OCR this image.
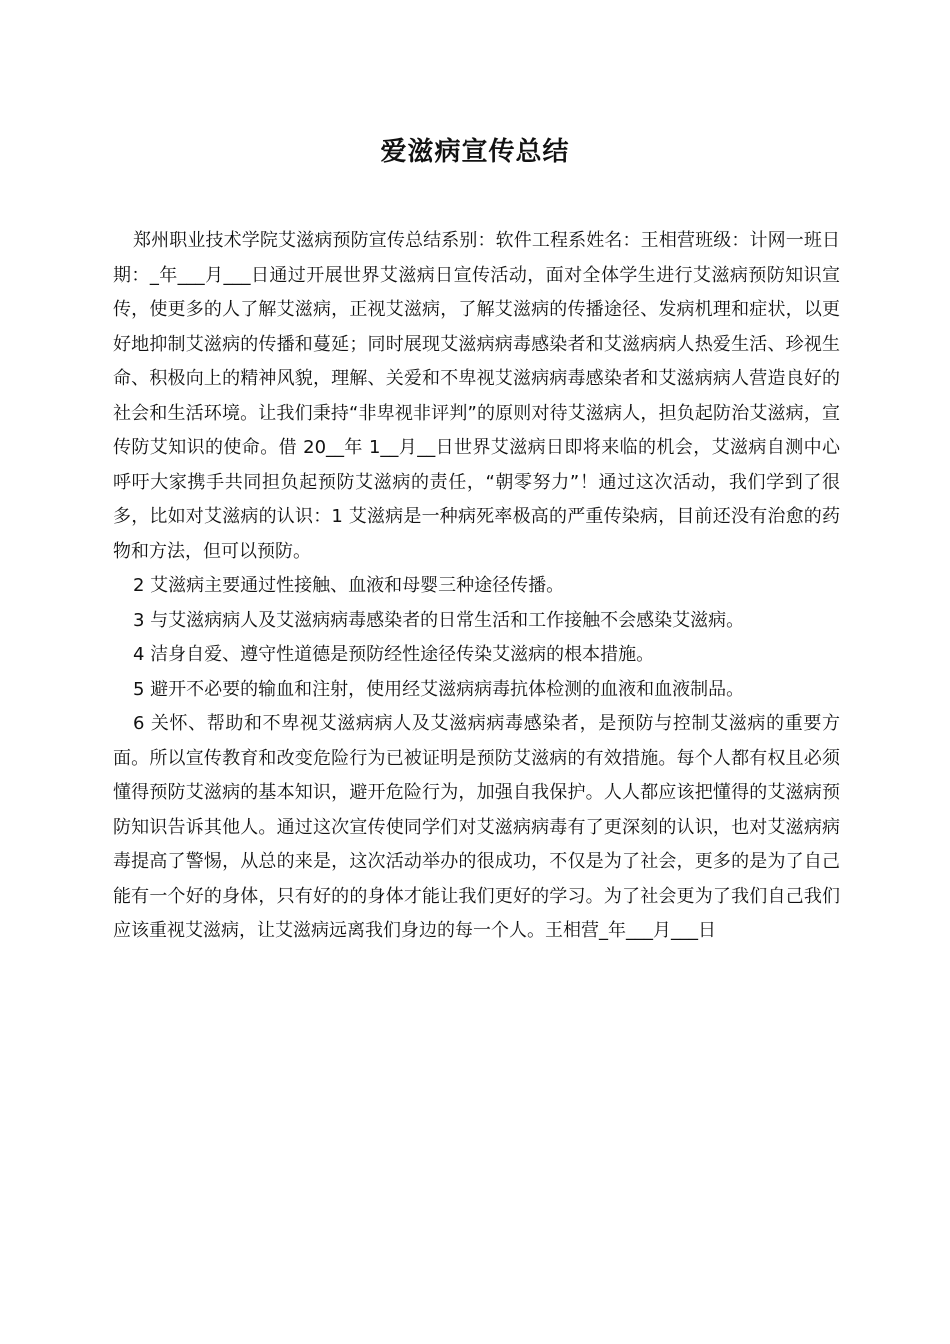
爱滋病宣传总结

郑州职业技术学院艾滋病预防宣传总结系别：软件工程系姓名：王相营班级：计网一班日期：_年___月___日通过开展世界艾滋病日宣传活动，面对全体学生进行艾滋病预防知识宣传，使更多的人了解艾滋病，正视艾滋病，了解艾滋病的传播途径、发病机理和症状，以更好地抑制艾滋病的传播和蔓延；同时展现艾滋病病毒感染者和艾滋病病人热爱生活、珍视生命、积极向上的精神风貌，理解、关爱和不卑视艾滋病病毒感染者和艾滋病病人营造良好的社会和生活环境。让我们秉持“非卑视非评判”的原则对待艾滋病人，担负起防治艾滋病，宣传防艾知识的使命。借 20__年 1__月__日世界艾滋病日即将来临的机会，艾滋病自测中心呼吁大家携手共同担负起预防艾滋病的责任，“朝零努力”！通过这次活动，我们学到了很多，比如对艾滋病的认识：1 艾滋病是一种病死率极高的严重传染病，目前还没有治愈的药物和方法，但可以预防。

2 艾滋病主要通过性接触、血液和母婴三种途径传播。

3 与艾滋病病人及艾滋病病毒感染者的日常生活和工作接触不会感染艾滋病。

4 洁身自爱、遵守性道德是预防经性途径传染艾滋病的根本措施。

5 避开不必要的输血和注射，使用经艾滋病病毒抗体检测的血液和血液制品。

6 关怀、帮助和不卑视艾滋病病人及艾滋病病毒感染者，是预防与控制艾滋病的重要方面。所以宣传教育和改变危险行为已被证明是预防艾滋病的有效措施。每个人都有权且必须懂得预防艾滋病的基本知识，避开危险行为，加强自我保护。人人都应该把懂得的艾滋病预防知识告诉其他人。通过这次宣传使同学们对艾滋病病毒有了更深刻的认识，也对艾滋病病毒提高了警惕，从总的来是，这次活动举办的很成功，不仅是为了社会，更多的是为了自己能有一个好的身体，只有好的的身体才能让我们更好的学习。为了社会更为了我们自己我们应该重视艾滋病，让艾滋病远离我们身边的每一个人。王相营_年___月___日
